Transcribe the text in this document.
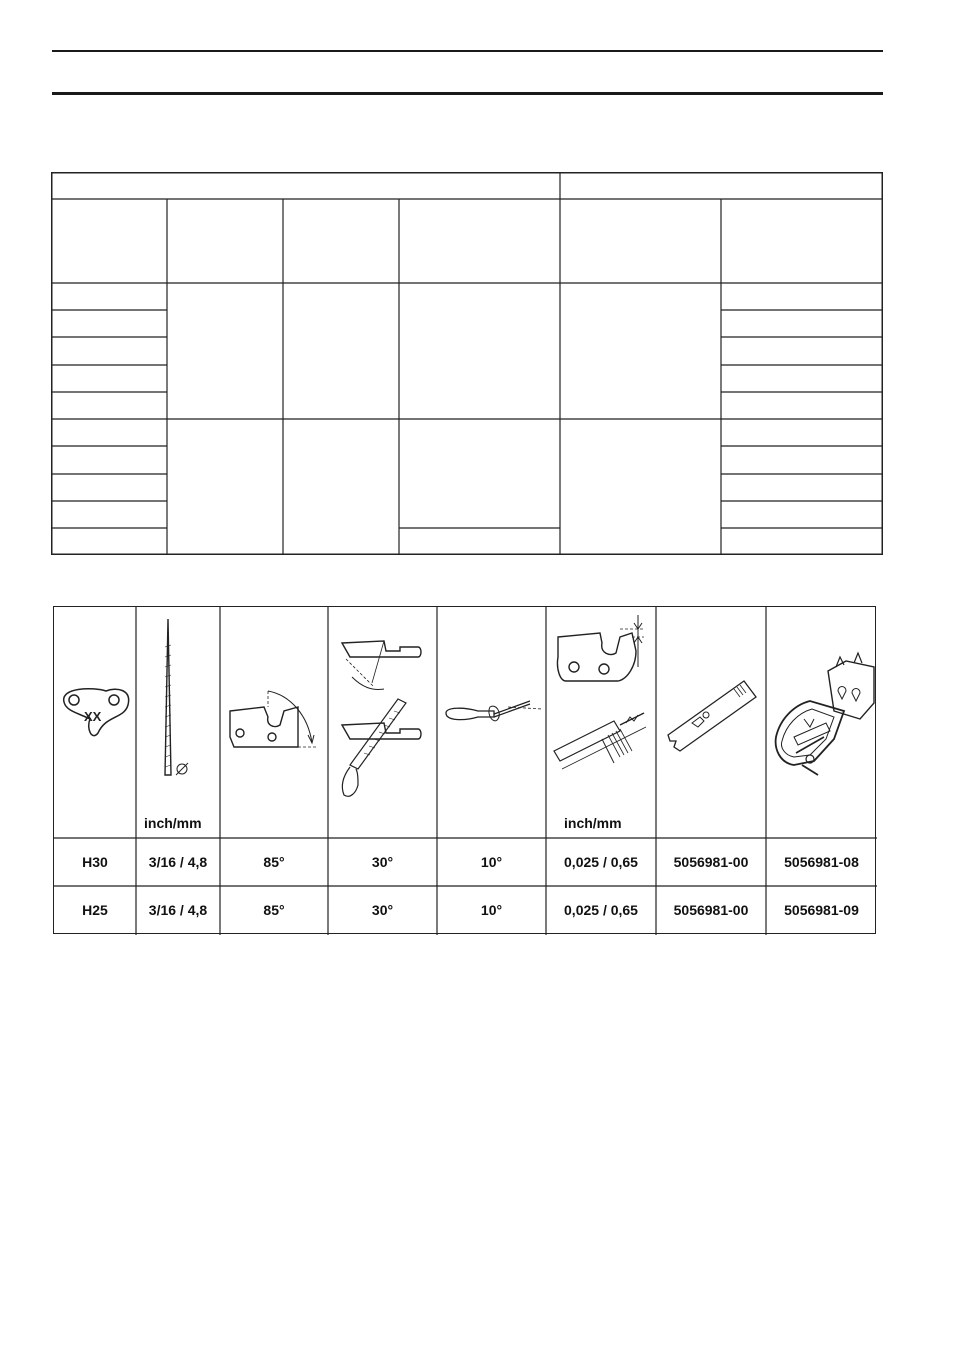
XX
inch/mm	inch/mm
H30	3/16 / 4,8	85°	30°	10°	0,025 / 0,65	5056981-00	5056981-08
H25	3/16 / 4,8	85°	30°	10°	0,025 / 0,65	5056981-00	5056981-09
